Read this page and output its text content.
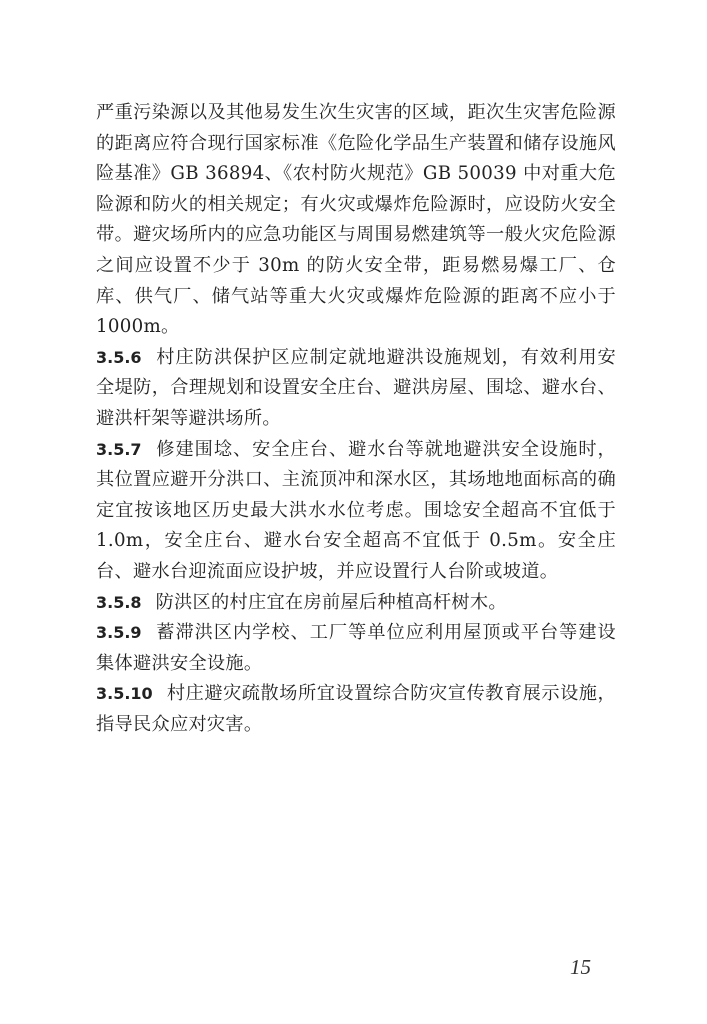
严重污染源以及其他易发生次生灾害的区域，距次生灾害危险源的距离应符合现行国家标准《危险化学品生产装置和储存设施风险基准》GB 36894、《农村防火规范》GB 50039 中对重大危险源和防火的相关规定；有火灾或爆炸危险源时，应设防火安全带。避灾场所内的应急功能区与周围易燃建筑等一般火灾危险源之间应设置不少于 30m 的防火安全带，距易燃易爆工厂、仓库、供气厂、储气站等重大火灾或爆炸危险源的距离不应小于 1000m。

3.5.6 村庄防洪保护区应制定就地避洪设施规划，有效利用安全堤防，合理规划和设置安全庄台、避洪房屋、围埝、避水台、避洪杆架等避洪场所。

3.5.7 修建围埝、安全庄台、避水台等就地避洪安全设施时，其位置应避开分洪口、主流顶冲和深水区，其场地地面标高的确定宜按该地区历史最大洪水水位考虑。围埝安全超高不宜低于 1.0m，安全庄台、避水台安全超高不宜低于 0.5m。安全庄台、避水台迎流面应设护坡，并应设置行人台阶或坡道。

3.5.8 防洪区的村庄宜在房前屋后种植高杆树木。

3.5.9 蓄滞洪区内学校、工厂等单位应利用屋顶或平台等建设集体避洪安全设施。

3.5.10 村庄避灾疏散场所宜设置综合防灾宣传教育展示设施，指导民众应对灾害。

15
